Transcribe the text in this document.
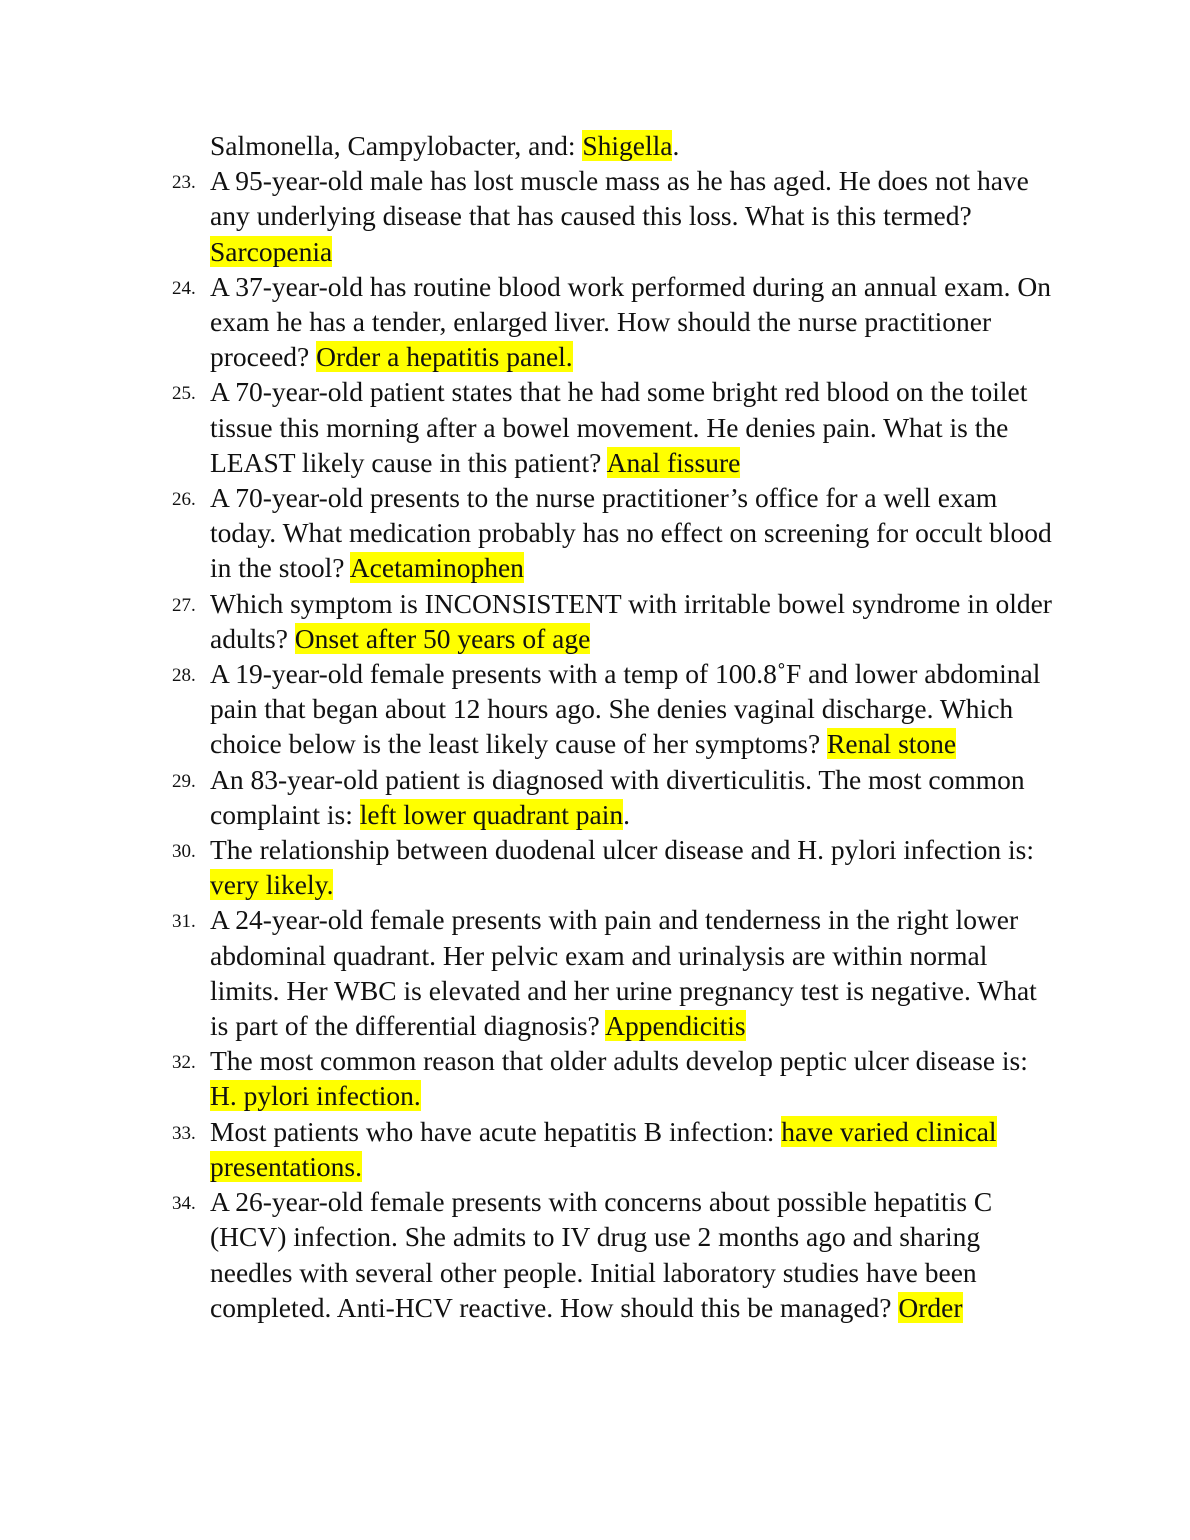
Salmonella, Campylobacter, and: Shigella.
23. A 95-year-old male has lost muscle mass as he has aged. He does not have any underlying disease that has caused this loss. What is this termed? Sarcopenia
24. A 37-year-old has routine blood work performed during an annual exam. On exam he has a tender, enlarged liver. How should the nurse practitioner proceed? Order a hepatitis panel.
25. A 70-year-old patient states that he had some bright red blood on the toilet tissue this morning after a bowel movement. He denies pain. What is the LEAST likely cause in this patient? Anal fissure
26. A 70-year-old presents to the nurse practitioner’s office for a well exam today. What medication probably has no effect on screening for occult blood in the stool? Acetaminophen
27. Which symptom is INCONSISTENT with irritable bowel syndrome in older adults? Onset after 50 years of age
28. A 19-year-old female presents with a temp of 100.8˚F and lower abdominal pain that began about 12 hours ago. She denies vaginal discharge. Which choice below is the least likely cause of her symptoms? Renal stone
29. An 83-year-old patient is diagnosed with diverticulitis. The most common complaint is: left lower quadrant pain.
30. The relationship between duodenal ulcer disease and H. pylori infection is: very likely.
31. A 24-year-old female presents with pain and tenderness in the right lower abdominal quadrant. Her pelvic exam and urinalysis are within normal limits. Her WBC is elevated and her urine pregnancy test is negative. What is part of the differential diagnosis? Appendicitis
32. The most common reason that older adults develop peptic ulcer disease is: H. pylori infection.
33. Most patients who have acute hepatitis B infection: have varied clinical presentations.
34. A 26-year-old female presents with concerns about possible hepatitis C (HCV) infection. She admits to IV drug use 2 months ago and sharing needles with several other people. Initial laboratory studies have been completed. Anti-HCV reactive. How should this be managed? Order
